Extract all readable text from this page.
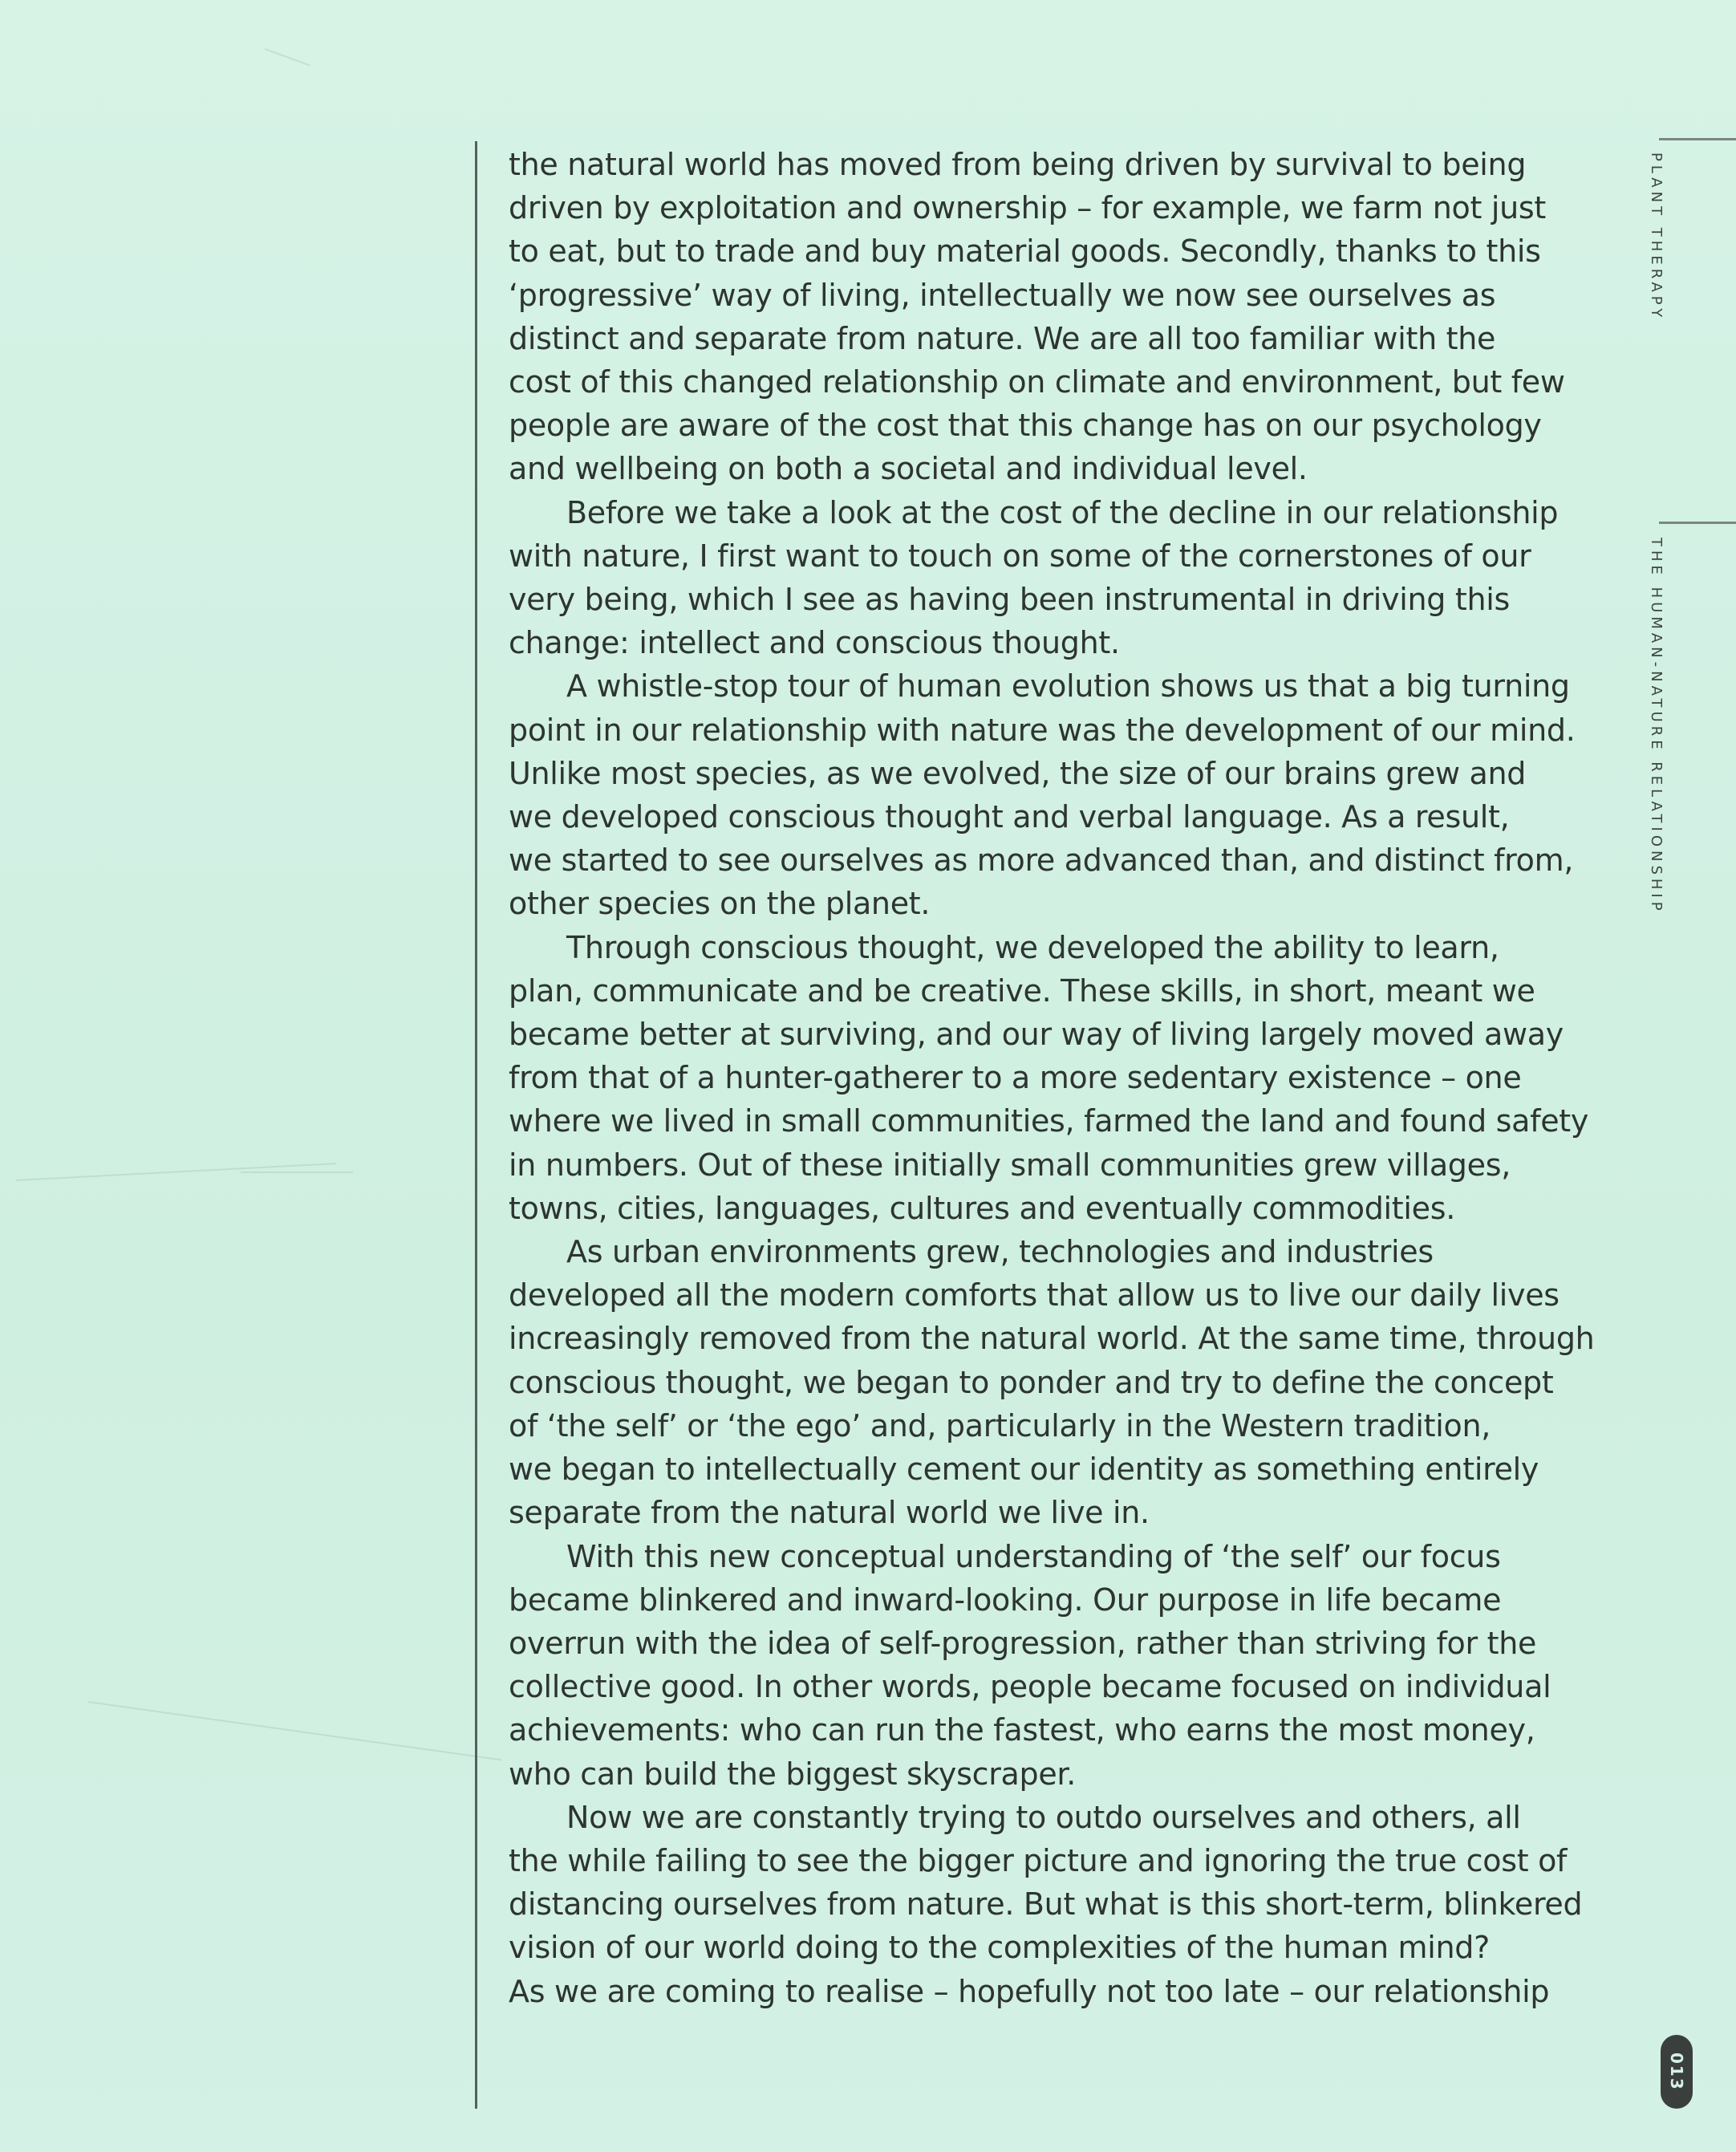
PLANT THERAPY
THE HUMAN-NATURE RELATIONSHIP
013
the natural world has moved from being driven by survival to being
driven by exploitation and ownership – for example, we farm not just
to eat, but to trade and buy material goods. Secondly, thanks to this
‘progressive’ way of living, intellectually we now see ourselves as
distinct and separate from nature. We are all too familiar with the
cost of this changed relationship on climate and environment, but few
people are aware of the cost that this change has on our psychology
and wellbeing on both a societal and individual level.
Before we take a look at the cost of the decline in our relationship
with nature, I first want to touch on some of the cornerstones of our
very being, which I see as having been instrumental in driving this
change: intellect and conscious thought.
A whistle-stop tour of human evolution shows us that a big turning
point in our relationship with nature was the development of our mind.
Unlike most species, as we evolved, the size of our brains grew and
we developed conscious thought and verbal language. As a result,
we started to see ourselves as more advanced than, and distinct from,
other species on the planet.
Through conscious thought, we developed the ability to learn,
plan, communicate and be creative. These skills, in short, meant we
became better at surviving, and our way of living largely moved away
from that of a hunter-gatherer to a more sedentary existence – one
where we lived in small communities, farmed the land and found safety
in numbers. Out of these initially small communities grew villages,
towns, cities, languages, cultures and eventually commodities.
As urban environments grew, technologies and industries
developed all the modern comforts that allow us to live our daily lives
increasingly removed from the natural world. At the same time, through
conscious thought, we began to ponder and try to define the concept
of ‘the self’ or ‘the ego’ and, particularly in the Western tradition,
we began to intellectually cement our identity as something entirely
separate from the natural world we live in.
With this new conceptual understanding of ‘the self’ our focus
became blinkered and inward-looking. Our purpose in life became
overrun with the idea of self-progression, rather than striving for the
collective good. In other words, people became focused on individual
achievements: who can run the fastest, who earns the most money,
who can build the biggest skyscraper.
Now we are constantly trying to outdo ourselves and others, all
the while failing to see the bigger picture and ignoring the true cost of
distancing ourselves from nature. But what is this short-term, blinkered
vision of our world doing to the complexities of the human mind?
As we are coming to realise – hopefully not too late – our relationship
